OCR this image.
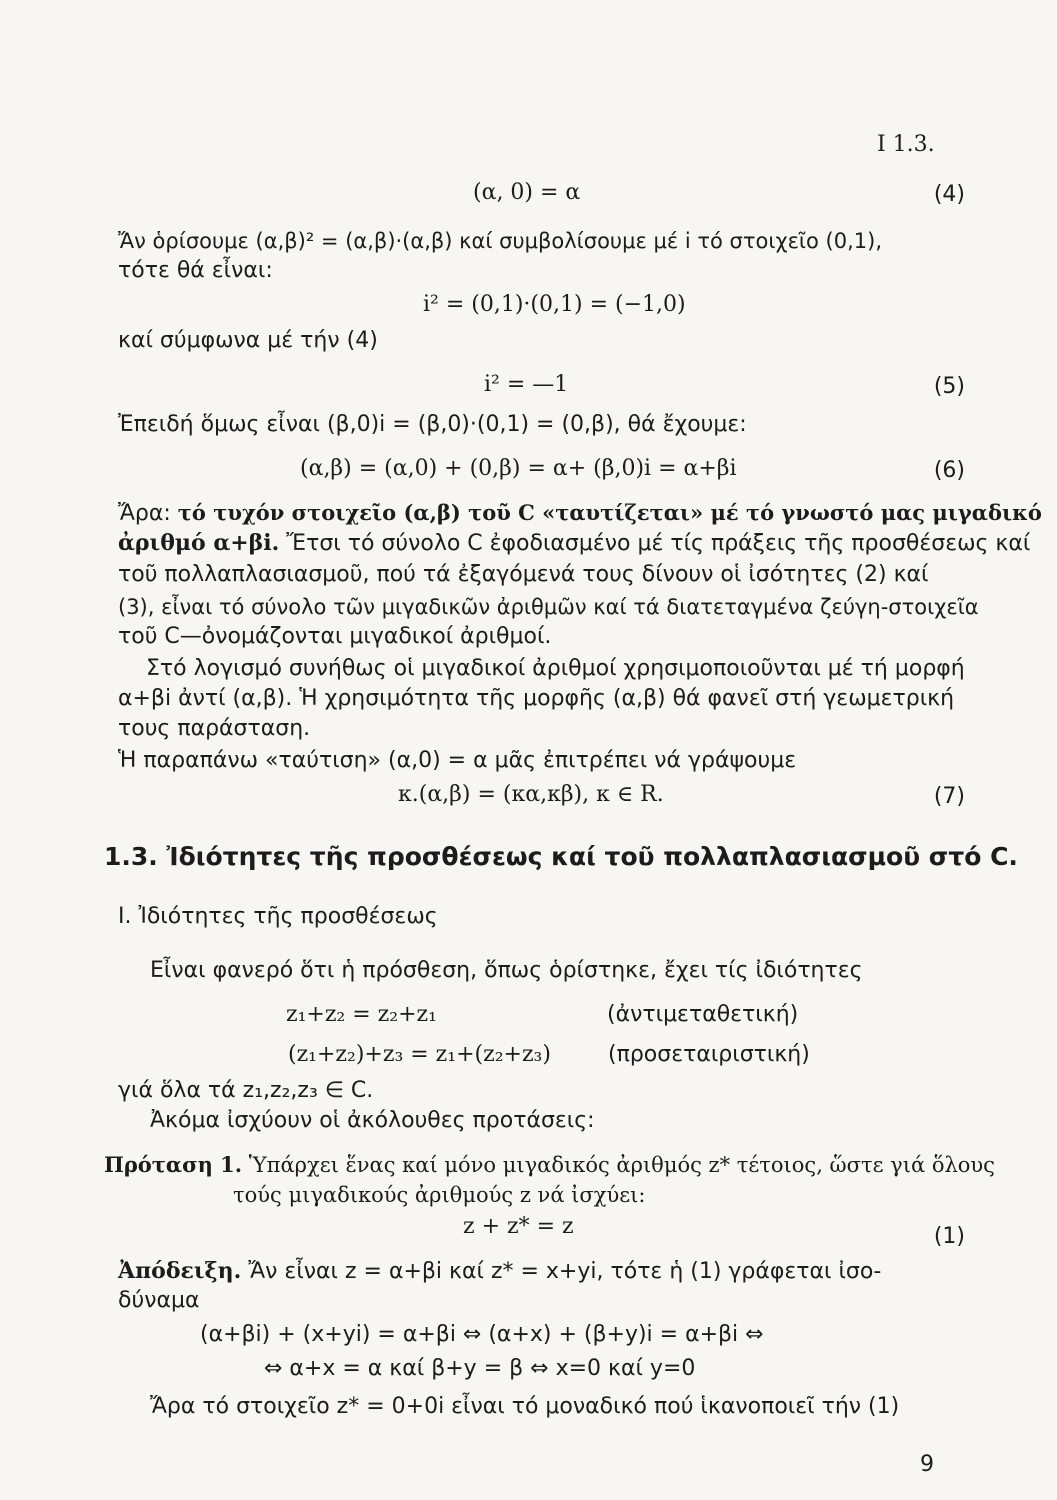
I 1.3.
(α, 0) = α	(4)
Ἄν ὁρίσουμε (α,β)² = (α,β)·(α,β) καί συμβολίσουμε μέ i τό στοιχεῖο (0,1),
τότε θά εἶναι:
i² = (0,1)·(0,1) = (−1,0)
καί σύμφωνα μέ τήν (4)
i² = —1	(5)
Ἐπειδή ὅμως εἶναι (β,0)i = (β,0)·(0,1) = (0,β), θά ἔχουμε:
(α,β) = (α,0) + (0,β) = α+ (β,0)i = α+βi	(6)
Ἄρα: τό τυχόν στοιχεῖο (α,β) τοῦ C «ταυτίζεται» μέ τό γνωστό μας μιγαδικό
ἀριθμό α+βi. Ἔτσι τό σύνολο C ἐφοδιασμένο μέ τίς πράξεις τῆς προσθέσεως καί
τοῦ πολλαπλασιασμοῦ, πού τά ἐξαγόμενά τους δίνουν οἱ ἰσότητες (2) καί
(3), εἶναι τό σύνολο τῶν μιγαδικῶν ἀριθμῶν καί τά διατεταγμένα ζεύγη-στοιχεῖα
τοῦ C—ὀνομάζονται μιγαδικοί ἀριθμοί.
Στό λογισμό συνήθως οἱ μιγαδικοί ἀριθμοί χρησιμοποιοῦνται μέ τή μορφή
α+βi ἀντί (α,β). Ἡ χρησιμότητα τῆς μορφῆς (α,β) θά φανεῖ στή γεωμετρική
τους παράσταση.
Ἡ παραπάνω «ταύτιση» (α,0) = α μᾶς ἐπιτρέπει νά γράψουμε
κ.(α,β) = (κα,κβ), κ ∈ R.	(7)
1.3. Ἰδιότητες τῆς προσθέσεως καί τοῦ πολλαπλασιασμοῦ στό C.
I. Ἰδιότητες τῆς προσθέσεως
Εἶναι φανερό ὅτι ἡ πρόσθεση, ὅπως ὁρίστηκε, ἔχει τίς ἰδιότητες
z₁+z₂ = z₂+z₁	(ἀντιμεταθετική)
(z₁+z₂)+z₃ = z₁+(z₂+z₃)	(προσεταιριστική)
γιά ὅλα τά z₁,z₂,z₃ ∈ C.
Ἀκόμα ἰσχύουν οἱ ἀκόλουθες προτάσεις:
Πρόταση 1. Ὑπάρχει ἕνας καί μόνο μιγαδικός ἀριθμός z* τέτοιος, ὥστε γιά ὅλους
τούς μιγαδικούς ἀριθμούς z νά ἰσχύει:
z + z* = z	(1)
Ἀπόδειξη. Ἄν εἶναι z = α+βi καί z* = x+yi, τότε ἡ (1) γράφεται ἰσο-
δύναμα
(α+βi) + (x+yi) = α+βi ⇔ (α+x) + (β+y)i = α+βi ⇔
⇔ α+x = α καί β+y = β ⇔ x=0 καί y=0
Ἄρα τό στοιχεῖο z* = 0+0i εἶναι τό μοναδικό πού ἱκανοποιεῖ τήν (1)
9
